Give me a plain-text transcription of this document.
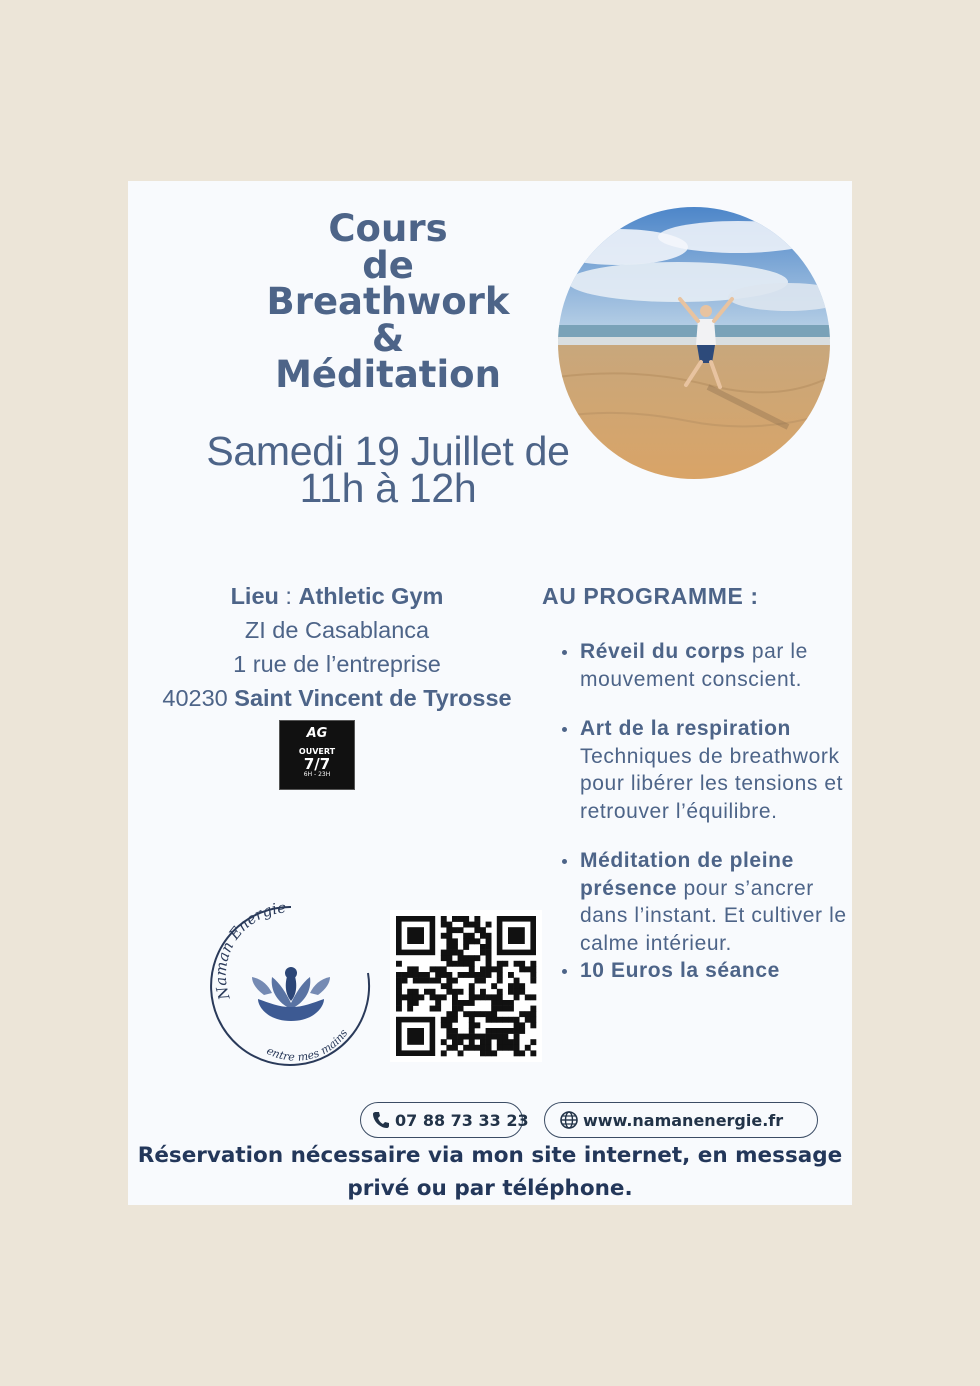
Cours
de
Breathwork
&
Méditation
Samedi 19 Juillet de
11h à 12h
Lieu : Athletic Gym
ZI de Casablanca
1 rue de l’entreprise
40230 Saint Vincent de Tyrosse
AG
OUVERT
7/7
6H - 23H
AU PROGRAMME :
Réveil du corps par le mouvement conscient.
Art de la respiration Techniques de breathwork pour libérer les tensions et retrouver l’équilibre.
Méditation de pleine présence pour s’ancrer dans l’instant. Et cultiver le calme intérieur.
10 Euros la séance
Naman Energie
entre mes mains
07 88 73 33 23	www.namanenergie.fr
Réservation nécessaire via mon site internet, en message
privé ou par téléphone.
